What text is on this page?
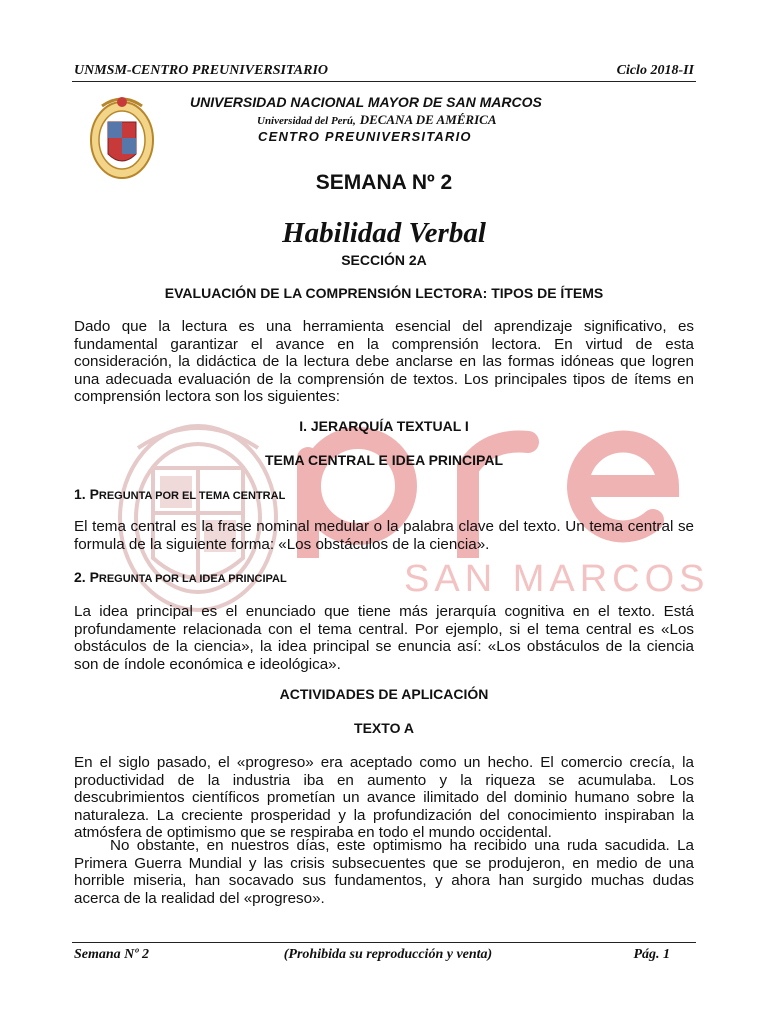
SAN MARCOS
UNMSM-CENTRO PREUNIVERSITARIO	Ciclo 2018-II
UNIVERSIDAD NACIONAL MAYOR DE SAN MARCOS
Universidad del Perú, DECANA DE AMÉRICA
CENTRO PREUNIVERSITARIO
SEMANA Nº 2
Habilidad Verbal
SECCIÓN 2A
EVALUACIÓN DE LA COMPRENSIÓN LECTORA: TIPOS DE ÍTEMS
Dado que la lectura es una herramienta esencial del aprendizaje significativo, es fundamental garantizar el avance en la comprensión lectora. En virtud de esta consideración, la didáctica de la lectura debe anclarse en las formas idóneas que logren una adecuada evaluación de la comprensión de textos. Los principales tipos de ítems en comprensión lectora son los siguientes:
I. JERARQUÍA TEXTUAL I
TEMA CENTRAL E IDEA PRINCIPAL
1. PREGUNTA POR EL TEMA CENTRAL
El tema central es la frase nominal medular o la palabra clave del texto. Un tema central se formula de la siguiente forma: «Los obstáculos de la ciencia».
2. PREGUNTA POR LA IDEA PRINCIPAL
La idea principal es el enunciado que tiene más jerarquía cognitiva en el texto. Está profundamente relacionada con el tema central. Por ejemplo, si el tema central es «Los obstáculos de la ciencia», la idea principal se enuncia así: «Los obstáculos de la ciencia son de índole económica e ideológica».
ACTIVIDADES DE APLICACIÓN
TEXTO A
En el siglo pasado, el «progreso» era aceptado como un hecho. El comercio crecía, la productividad de la industria iba en aumento y la riqueza se acumulaba. Los descubrimientos científicos prometían un avance ilimitado del dominio humano sobre la naturaleza. La creciente prosperidad y la profundización del conocimiento inspiraban la atmósfera de optimismo que se respiraba en todo el mundo occidental.
No obstante, en nuestros días, este optimismo ha recibido una ruda sacudida. La Primera Guerra Mundial y las crisis subsecuentes que se produjeron, en medio de una horrible miseria, han socavado sus fundamentos, y ahora han surgido muchas dudas acerca de la realidad del «progreso».
Semana Nº 2	(Prohibida su reproducción y venta)	Pág. 1
